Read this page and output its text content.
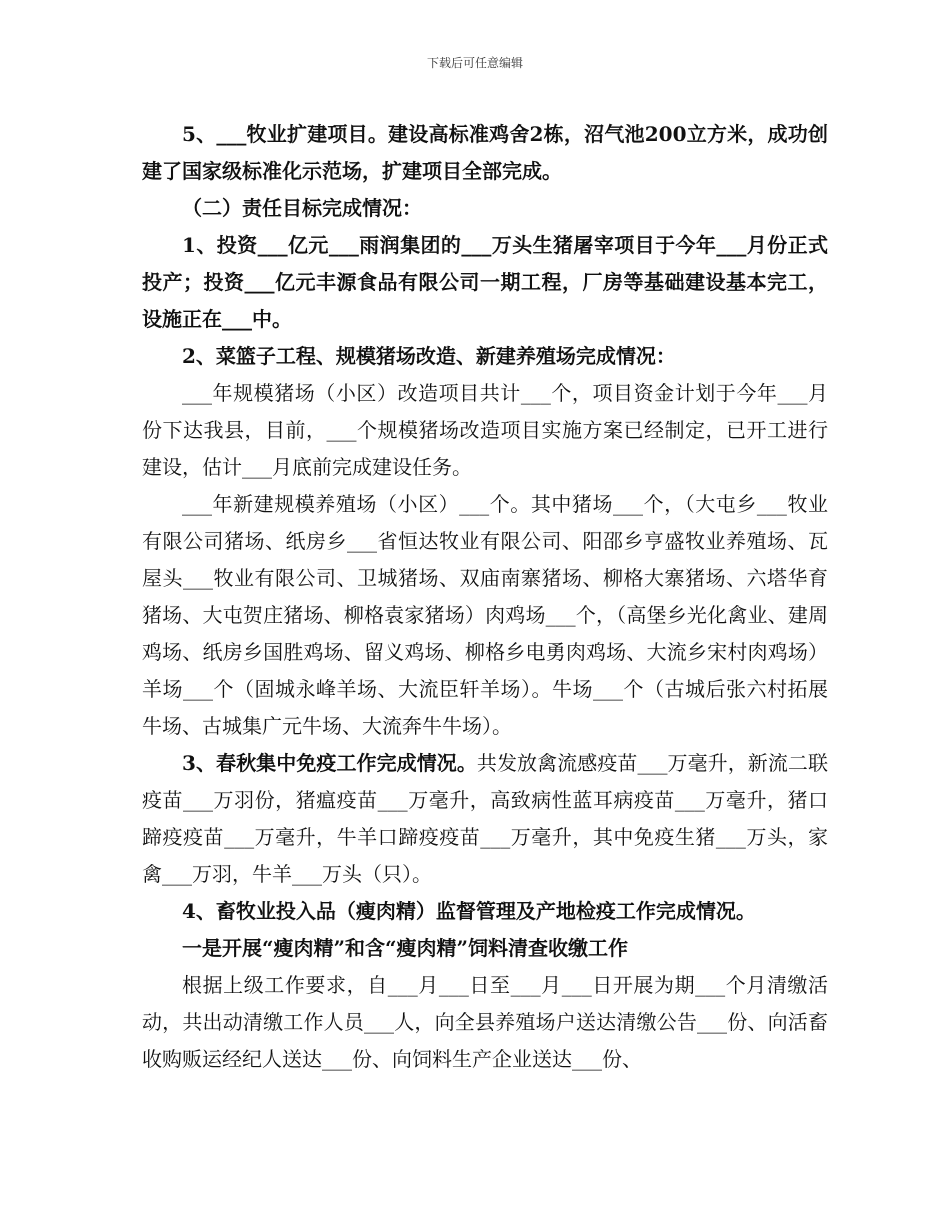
下载后可任意编辑

5、___牧业扩建项目。建设高标准鸡舍2栋，沼气池200立方米，成功创建了国家级标准化示范场，扩建项目全部完成。

（二）责任目标完成情况：

1、投资___亿元___雨润集团的___万头生猪屠宰项目于今年___月份正式投产；投资___亿元丰源食品有限公司一期工程，厂房等基础建设基本完工，设施正在___中。

2、菜篮子工程、规模猪场改造、新建养殖场完成情况：

___年规模猪场（小区）改造项目共计___个，项目资金计划于今年___月份下达我县，目前，___个规模猪场改造项目实施方案已经制定，已开工进行建设，估计___月底前完成建设任务。

___年新建规模养殖场（小区）___个。其中猪场___个，（大屯乡___牧业有限公司猪场、纸房乡___省恒达牧业有限公司、阳邵乡亨盛牧业养殖场、瓦屋头___牧业有限公司、卫城猪场、双庙南寨猪场、柳格大寨猪场、六塔华育猪场、大屯贺庄猪场、柳格袁家猪场）肉鸡场___个，（高堡乡光化禽业、建周鸡场、纸房乡国胜鸡场、留义鸡场、柳格乡电勇肉鸡场、大流乡宋村肉鸡场）羊场___个（固城永峰羊场、大流臣轩羊场）。牛场___个（古城后张六村拓展牛场、古城集广元牛场、大流奔牛牛场）。

3、春秋集中免疫工作完成情况。共发放禽流感疫苗___万毫升，新流二联疫苗___万羽份，猪瘟疫苗___万毫升，高致病性蓝耳病疫苗___万毫升，猪口蹄疫疫苗___万毫升，牛羊口蹄疫疫苗___万毫升，其中免疫生猪___万头，家禽___万羽，牛羊___万头（只）。

4、畜牧业投入品（瘦肉精）监督管理及产地检疫工作完成情况。

一是开展“瘦肉精”和含“瘦肉精”饲料清查收缴工作

根据上级工作要求，自___月___日至___月___日开展为期___个月清缴活动，共出动清缴工作人员___人，向全县养殖场户送达清缴公告___份、向活畜收购贩运经纪人送达___份、向饲料生产企业送达___份、
